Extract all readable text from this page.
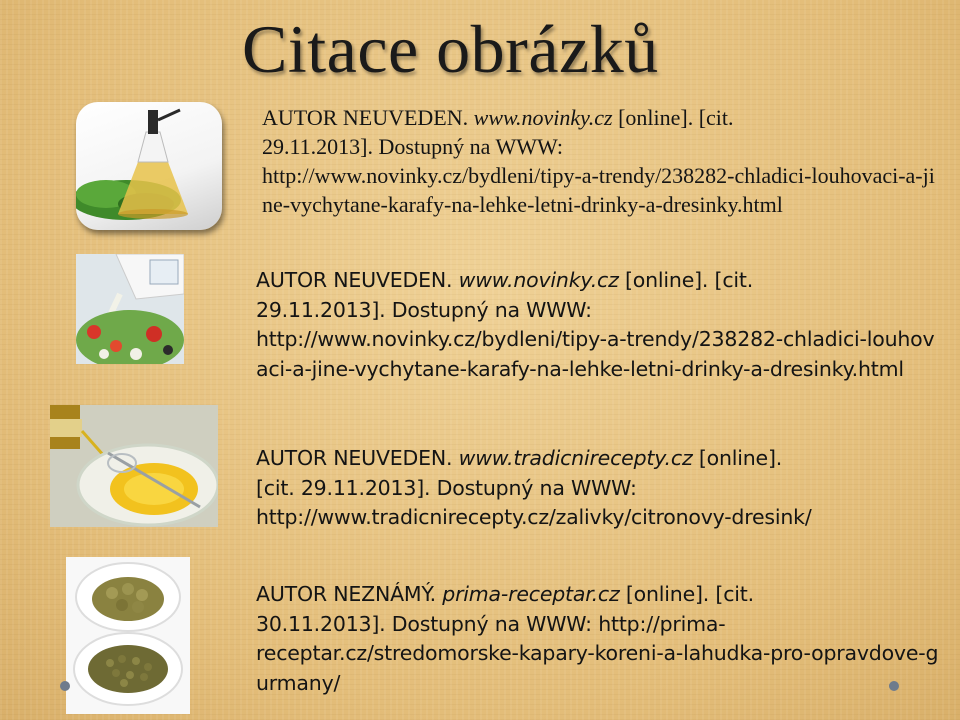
Citace obrázků
AUTOR NEUVEDEN. www.novinky.cz [online]. [cit.
29.11.2013]. Dostupný na WWW:
http://www.novinky.cz/bydleni/tipy-a-trendy/238282-chladici-louhovaci-a-jine-vychytane-karafy-na-lehke-letni-drinky-a-dresinky.html
AUTOR NEUVEDEN. www.novinky.cz [online]. [cit.
29.11.2013]. Dostupný na WWW:
http://www.novinky.cz/bydleni/tipy-a-trendy/238282-chladici-louhovaci-a-jine-vychytane-karafy-na-lehke-letni-drinky-a-dresinky.html
AUTOR NEUVEDEN. www.tradicnirecepty.cz [online].
[cit. 29.11.2013]. Dostupný na WWW:
http://www.tradicnirecepty.cz/zalivky/citronovy-dresink/
AUTOR NEZNÁMÝ. prima-receptar.cz [online]. [cit.
30.11.2013]. Dostupný na WWW: http://prima-
receptar.cz/stredomorske-kapary-koreni-a-lahudka-pro-opravdove-gurmany/
